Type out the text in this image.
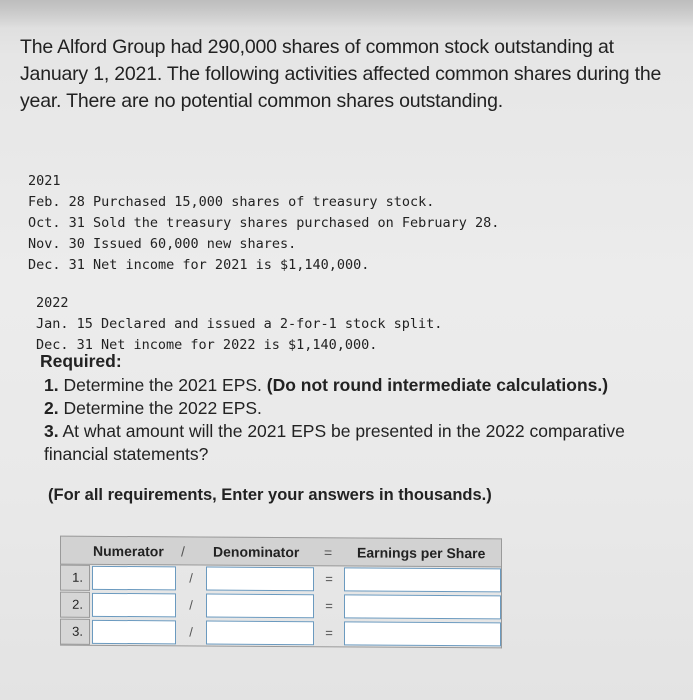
The Alford Group had 290,000 shares of common stock outstanding at
January 1, 2021. The following activities affected common shares during the
year. There are no potential common shares outstanding.

2021
Feb. 28 Purchased 15,000 shares of treasury stock.
Oct. 31 Sold the treasury shares purchased on February 28.
Nov. 30 Issued 60,000 new shares.
Dec. 31 Net income for 2021 is $1,140,000.

2022
Jan. 15 Declared and issued a 2-for-1 stock split.
Dec. 31 Net income for 2022 is $1,140,000.

Required:
1. Determine the 2021 EPS. (Do not round intermediate calculations.)
2. Determine the 2022 EPS.
3. At what amount will the 2021 EPS be presented in the 2022 comparative financial statements?
(For all requirements, Enter your answers in thousands.)
Numerator / Denominator = Earnings per Share
1.	/	=
2.	/	=
3.	/	=
